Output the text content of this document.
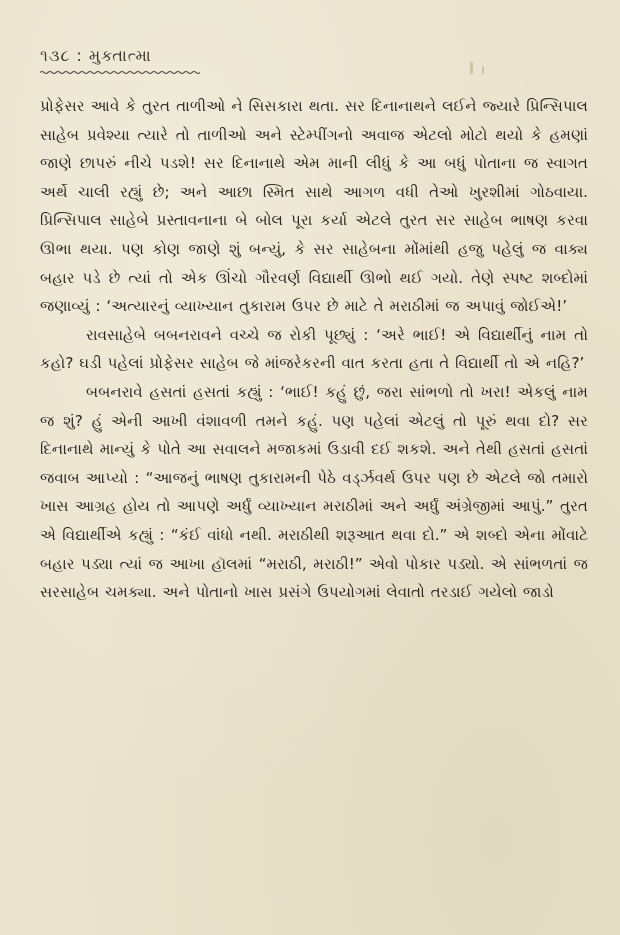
૧૩૮ : મુક્તાત્મા

પ્રોફેસર આવે કે તુરત તાળીઓ ને સિસકારા થતા. સર દિનાનાથને લઈને જ્યારે પ્રિન્સિપાલ સાહેબ પ્રવેશ્યા ત્યારે તો તાળીઓ અને સ્ટેમ્પીંગનો અવાજ એટલો મોટો થયો કે હમણાં જાણે છાપરું નીચે પડશે! સર દિનાનાથે એમ માની લીધું કે આ બધું પોતાના જ સ્વાગત અર્થે ચાલી રહ્યું છે; અને આછા સ્મિત સાથે આગળ વધી તેઓ ખુરશીમાં ગોઠવાયા. પ્રિન્સિપાલ સાહેબે પ્રસ્તાવનાના બે બોલ પૂરા કર્યા એટલે તુરત સર સાહેબ ભાષણ કરવા ઊભા થયા. પણ કોણ જાણે શું બન્યું, કે સર સાહેબના મોંમાંથી હજુ પહેલું જ વાક્ય બહાર પડે છે ત્યાં તો એક ઊંચો ગૌરવર્ણ વિદ્યાર્થી ઊભો થઈ ગયો. તેણે સ્પષ્ટ શબ્દોમાં જણાવ્યું : ‘અત્યારનું વ્યાખ્યાન તુકારામ ઉપર છે માટે તે મરાઠીમાં જ અપાવું જોઈએ!’

રાવસાહેબે બબનરાવને વચ્ચે જ રોકી પૂછ્યું : ‘અરે ભાઈ! એ વિદ્યાર્થીનું નામ તો કહો? ઘડી પહેલાં પ્રોફેસર સાહેબ જે માંજરેકરની વાત કરતા હતા તે વિદ્યાર્થી તો એ નહિ?’

બબનરાવે હસતાં હસતાં કહ્યું : ‘ભાઈ! કહું છું, જરા સાંભળો તો ખરા! એકલું નામ જ શું? હું એની આખી વંશાવળી તમને કહું. પણ પહેલાં એટલું તો પૂરું થવા દો? સર દિનાનાથે માન્યું કે પોતે આ સવાલને મજાકમાં ઉડાવી દઈ શકશે. અને તેથી હસતાં હસતાં જવાબ આપ્યો : “આજનું ભાષણ તુકારામની પેઠે વર્ડ્ઝવર્થ ઉપર પણ છે એટલે જો તમારો ખાસ આગ્રહ હોય તો આપણે અર્ધું વ્યાખ્યાન મરાઠીમાં અને અર્ધું અંગ્રેજીમાં આપું.” તુરત એ વિદ્યાર્થીએ કહ્યું : “કંઈ વાંધો નથી. મરાઠીથી શરૂઆત થવા દો.” એ શબ્દો એના મોંવાટે બહાર પડ્યા ત્યાં જ આખા હૉલમાં “મરાઠી, મરાઠી!” એવો પોકાર પડ્યો. એ સાંભળતાં જ સરસાહેબ ચમક્યા. અને પોતાનો ખાસ પ્રસંગે ઉપયોગમાં લેવાતો તરડાઈ ગયેલો જાડો
